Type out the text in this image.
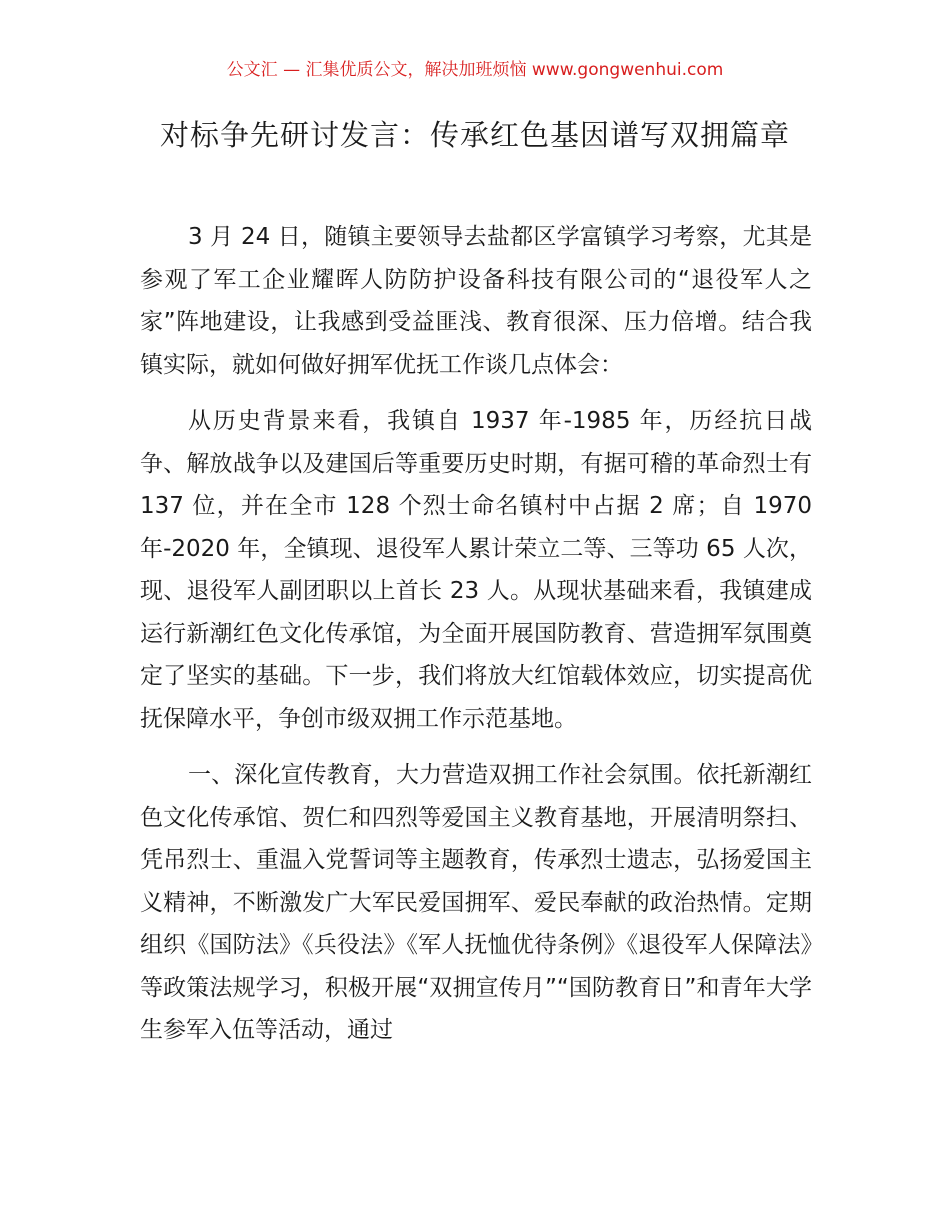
公文汇 — 汇集优质公文，解决加班烦恼 www.gongwenhui.com
对标争先研讨发言：传承红色基因谱写双拥篇章

3 月 24 日，随镇主要领导去盐都区学富镇学习考察，尤其是参观了军工企业耀晖人防防护设备科技有限公司的“退役军人之家”阵地建设，让我感到受益匪浅、教育很深、压力倍增。结合我镇实际，就如何做好拥军优抚工作谈几点体会：

从历史背景来看，我镇自 1937 年-1985 年，历经抗日战争、解放战争以及建国后等重要历史时期，有据可稽的革命烈士有 137 位，并在全市 128 个烈士命名镇村中占据 2 席；自 1970 年-2020 年，全镇现、退役军人累计荣立二等、三等功 65 人次，现、退役军人副团职以上首长 23 人。从现状基础来看，我镇建成运行新潮红色文化传承馆，为全面开展国防教育、营造拥军氛围奠定了坚实的基础。下一步，我们将放大红馆载体效应，切实提高优抚保障水平，争创市级双拥工作示范基地。

一、深化宣传教育，大力营造双拥工作社会氛围。依托新潮红色文化传承馆、贺仁和四烈等爱国主义教育基地，开展清明祭扫、凭吊烈士、重温入党誓词等主题教育，传承烈士遗志，弘扬爱国主义精神，不断激发广大军民爱国拥军、爱民奉献的政治热情。定期组织《国防法》《兵役法》《军人抚恤优待条例》《退役军人保障法》等政策法规学习，积极开展“双拥宣传月”“国防教育日”和青年大学生参军入伍等活动，通过
